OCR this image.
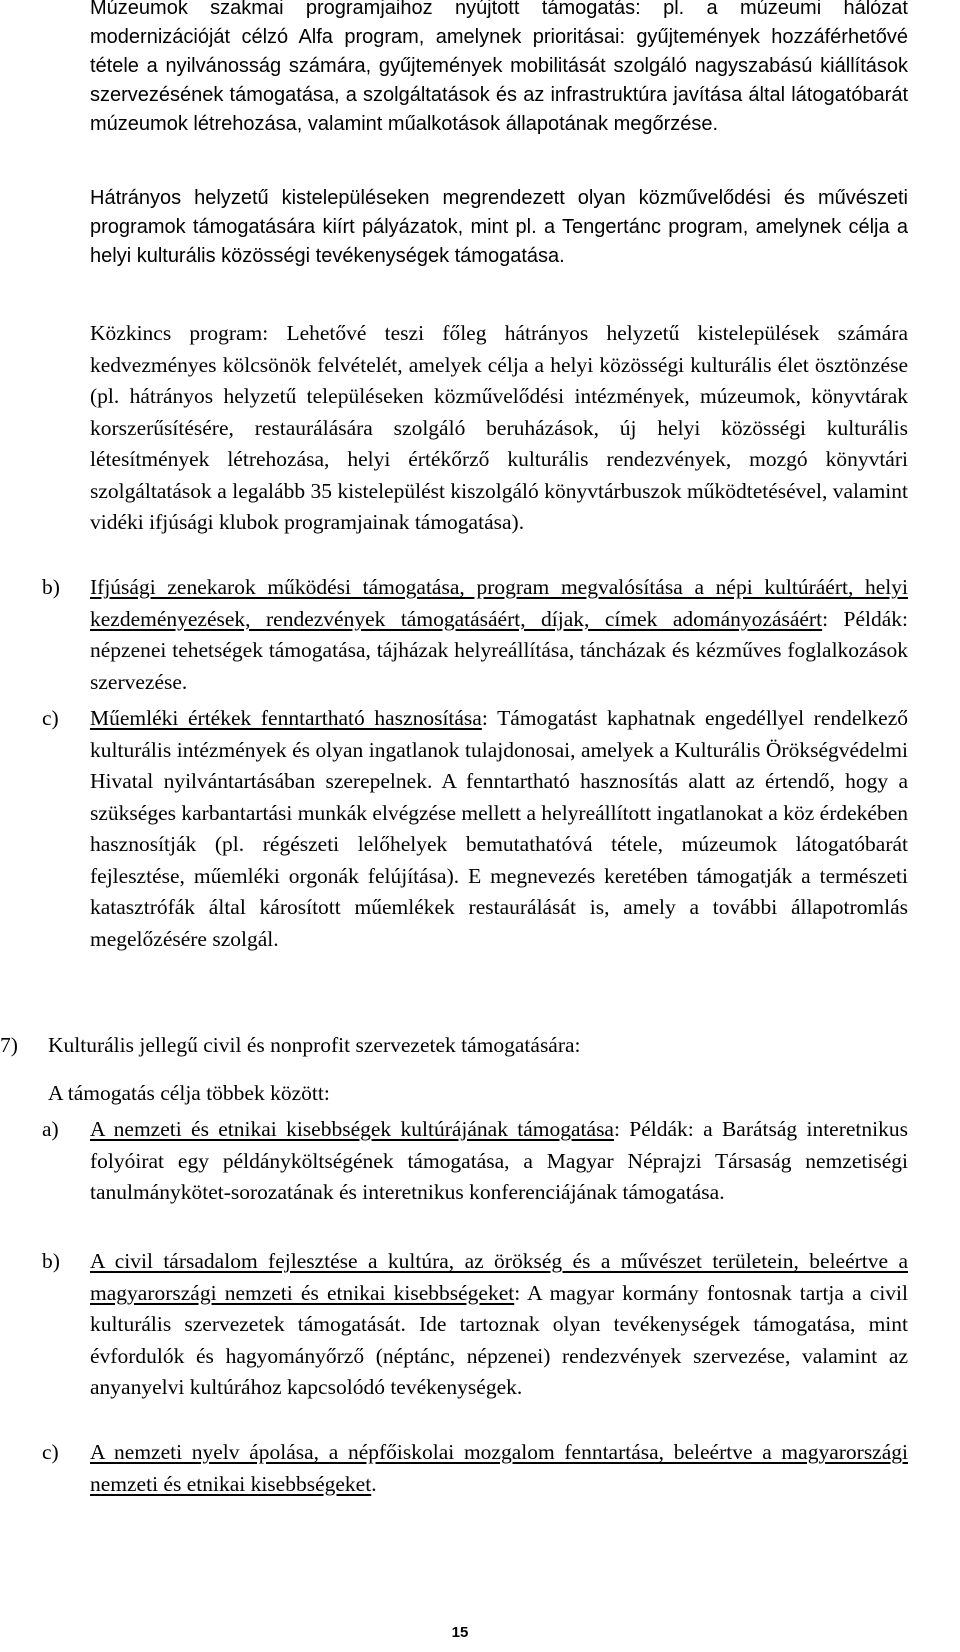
Múzeumok szakmai programjaihoz nyújtott támogatás: pl. a múzeumi hálózat modernizációját célzó Alfa program, amelynek prioritásai: gyűjtemények hozzáférhetővé tétele a nyilvánosság számára, gyűjtemények mobilitását szolgáló nagyszabású kiállítások szervezésének támogatása, a szolgáltatások és az infrastruktúra javítása által látogatóbarát múzeumok létrehozása, valamint műalkotások állapotának megőrzése.

Hátrányos helyzetű kistelepüléseken megrendezett olyan közművelődési és művészeti programok támogatására kiírt pályázatok, mint pl. a Tengertánc program, amelynek célja a helyi kulturális közösségi tevékenységek támogatása.

Közkincs program: Lehetővé teszi főleg hátrányos helyzetű kistelepülések számára kedvezményes kölcsönök felvételét, amelyek célja a helyi közösségi kulturális élet ösztönzése (pl. hátrányos helyzetű településeken közművelődési intézmények, múzeumok, könyvtárak korszerűsítésére, restaurálására szolgáló beruházások, új helyi közösségi kulturális létesítmények létrehozása, helyi értékőrző kulturális rendezvények, mozgó könyvtári szolgáltatások a legalább 35 kistelepülést kiszolgáló könyvtárbuszok működtetésével, valamint vidéki ifjúsági klubok programjainak támogatása).

b) Ifjúsági zenekarok működési támogatása, program megvalósítása a népi kultúráért, helyi kezdeményezések, rendezvények támogatásáért, díjak, címek adományozásáért: Példák: népzenei tehetségek támogatása, tájházak helyreállítása, táncházak és kézműves foglalkozások szervezése.

c) Műemléki értékek fenntartható hasznosítása: Támogatást kaphatnak engedéllyel rendelkező kulturális intézmények és olyan ingatlanok tulajdonosai, amelyek a Kulturális Örökségvédelmi Hivatal nyilvántartásában szerepelnek. A fenntartható hasznosítás alatt az értendő, hogy a szükséges karbantartási munkák elvégzése mellett a helyreállított ingatlanokat a köz érdekében hasznosítják (pl. régészeti lelőhelyek bemutathatóvá tétele, múzeumok látogatóbarát fejlesztése, műemléki orgonák felújítása). E megnevezés keretében támogatják a természeti katasztrófák által károsított műemlékek restaurálását is, amely a további állapotromlás megelőzésére szolgál.

7) Kulturális jellegű civil és nonprofit szervezetek támogatására:

A támogatás célja többek között:

a) A nemzeti és etnikai kisebbségek kultúrájának támogatása: Példák: a Barátság interetnikus folyóirat egy példányköltségének támogatása, a Magyar Néprajzi Társaság nemzetiségi tanulmánykötet-sorozatának és interetnikus konferenciájának támogatása.

b) A civil társadalom fejlesztése a kultúra, az örökség és a művészet területein, beleértve a magyarországi nemzeti és etnikai kisebbségeket: A magyar kormány fontosnak tartja a civil kulturális szervezetek támogatását. Ide tartoznak olyan tevékenységek támogatása, mint évfordulók és hagyományőrző (néptánc, népzenei) rendezvények szervezése, valamint az anyanyelvi kultúrához kapcsolódó tevékenységek.

c) A nemzeti nyelv ápolása, a népfőiskolai mozgalom fenntartása, beleértve a magyarországi nemzeti és etnikai kisebbségeket.

15
